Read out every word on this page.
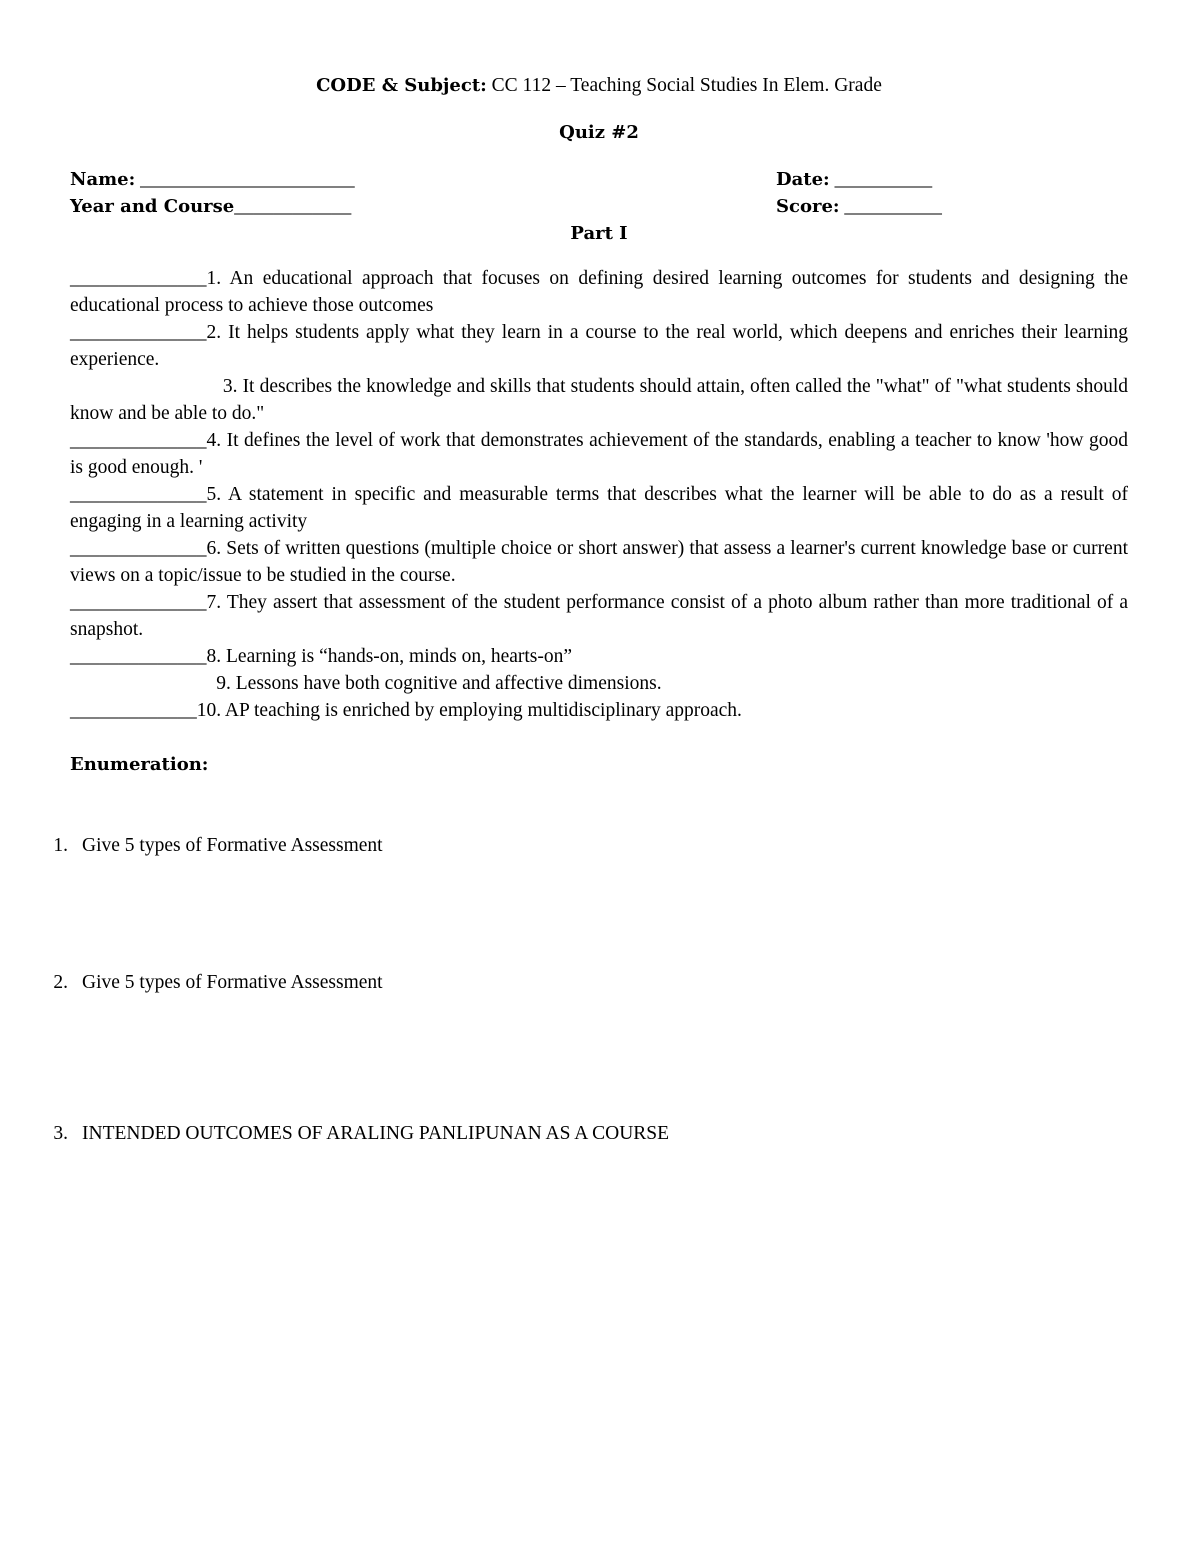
CODE & Subject: CC 112 – Teaching Social Studies In Elem. Grade
Quiz #2
Name: ______________________	Date: __________
Year and Course____________	Score: __________
Part I
______________1. An educational approach that focuses on defining desired learning outcomes for students and designing the educational process to achieve those outcomes
______________2. It helps students apply what they learn in a course to the real world, which deepens and enriches their learning experience.
3. It describes the knowledge and skills that students should attain, often called the "what" of "what students should know and be able to do."
______________4. It defines the level of work that demonstrates achievement of the standards, enabling a teacher to know 'how good is good enough. '
______________5. A statement in specific and measurable terms that describes what the learner will be able to do as a result of engaging in a learning activity
______________6. Sets of written questions (multiple choice or short answer) that assess a learner's current knowledge base or current views on a topic/issue to be studied in the course.
______________7. They assert that assessment of the student performance consist of a photo album rather than more traditional of a snapshot.
______________8. Learning is “hands-on, minds on, hearts-on”
9. Lessons have both cognitive and affective dimensions.
_____________10. AP teaching is enriched by employing multidisciplinary approach.
Enumeration:
1. Give 5 types of Formative Assessment
2. Give 5 types of Formative Assessment
3. INTENDED OUTCOMES OF ARALING PANLIPUNAN AS A COURSE
